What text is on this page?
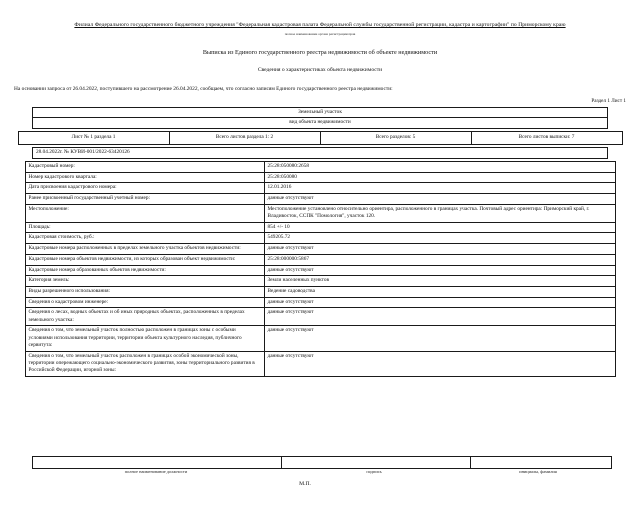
Филиал Федерального государственного бюджетного учреждения "Федеральная кадастровая палата Федеральной службы государственной регистрации, кадастра и картографии" по Приморскому краю
полное наименование органа регистрации прав
Выписка из Единого государственного реестра недвижимости об объекте недвижимости
Сведения о характеристиках объекта недвижимости
На основании запроса от 26.04.2022, поступившего на рассмотрение 26.04.2022, сообщаем, что согласно записям Единого государственного реестра недвижимости:
Раздел 1 Лист 1
Земельный участок
вид объекта недвижимости
Лист № 1 раздела 1	Всего листов раздела 1: 2	Всего разделов: 5	Всего листов выписки: 7
28.04.2022г. № КУВИ-001/2022-63420126
Кадастровый номер:	25:28:050080:2658
Номер кадастрового квартала:	25:28:050080
Дата присвоения кадастрового номера:	12.01.2016
Ранее присвоенный государственный учетный номер:	данные отсутствуют
Местоположение:	Местоположение установлено относительно ориентира, расположенного в границах участка. Почтовый адрес ориентира: Приморский край, г. Владивосток, ССПК "Помология", участок 120.
Площадь:	854 +/- 10
Кадастровая стоимость, руб.:	549205.72
Кадастровые номера расположенных в пределах земельного участка объектов недвижимости:	данные отсутствуют
Кадастровые номера объектов недвижимости, из которых образован объект недвижимости:	25:28:000000:5867
Кадастровые номера образованных объектов недвижимости:	данные отсутствуют
Категория земель:	Земли населенных пунктов
Виды разрешенного использования:	Ведение садоводства
Сведения о кадастровом инженере:	данные отсутствуют
Сведения о лесах, водных объектах и об иных природных объектах, расположенных в пределах земельного участка:	данные отсутствуют
Сведения о том, что земельный участок полностью расположен в границах зоны с особыми условиями использования территории, территории объекта культурного наследия, публичного сервитута:	данные отсутствуют
Сведения о том, что земельный участок расположен в границах особой экономической зоны, территории опережающего социально-экономического развития, зоны территориального развития в Российской Федерации, игорной зоны:	данные отсутствуют

полное наименование должности	подпись	инициалы, фамилия
М.П.
